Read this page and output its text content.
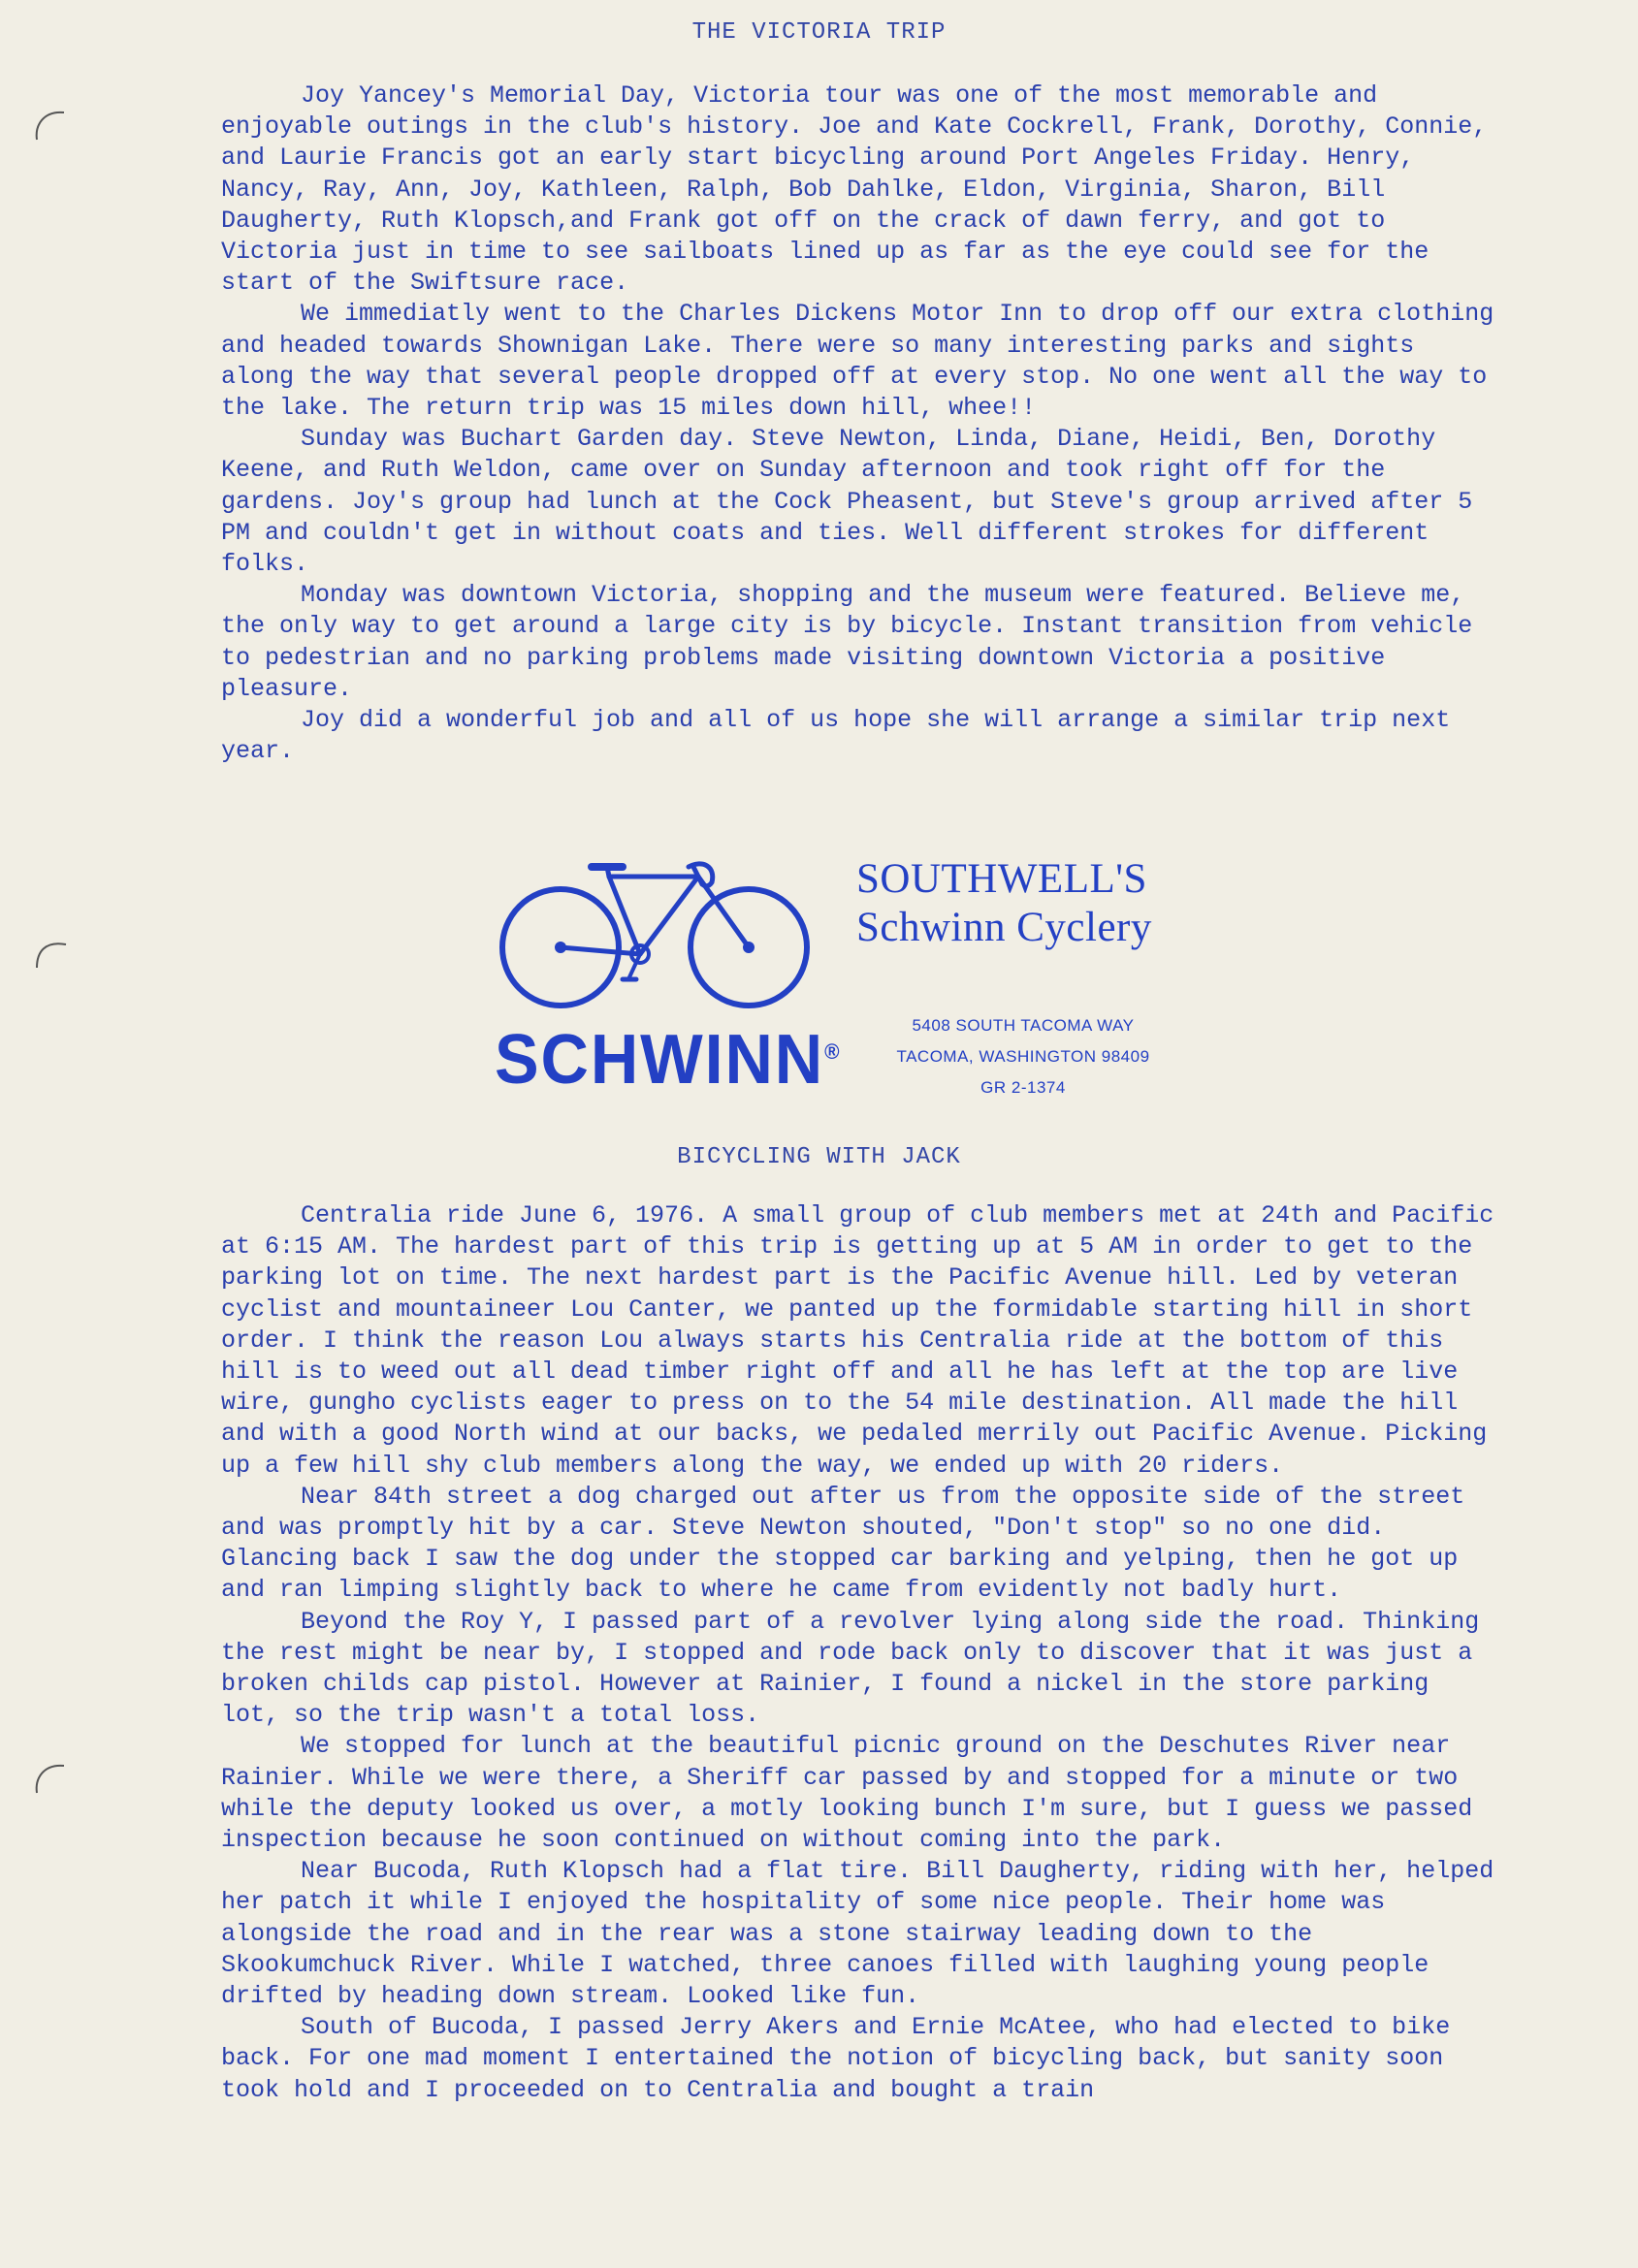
THE VICTORIA TRIP

Joy Yancey's Memorial Day, Victoria tour was one of the most memorable and enjoyable outings in the club's history. Joe and Kate Cockrell, Frank, Dorothy, Connie, and Laurie Francis got an early start bicycling around Port Angeles Friday. Henry, Nancy, Ray, Ann, Joy, Kathleen, Ralph, Bob Dahlke, Eldon, Virginia, Sharon, Bill Daugherty, Ruth Klopsch,and Frank got off on the crack of dawn ferry, and got to Victoria just in time to see sailboats lined up as far as the eye could see for the start of the Swiftsure race.

We immediatly went to the Charles Dickens Motor Inn to drop off our extra clothing and headed towards Shownigan Lake. There were so many interesting parks and sights along the way that several people dropped off at every stop. No one went all the way to the lake. The return trip was 15 miles down hill, whee!!

Sunday was Buchart Garden day. Steve Newton, Linda, Diane, Heidi, Ben, Dorothy Keene, and Ruth Weldon, came over on Sunday afternoon and took right off for the gardens. Joy's group had lunch at the Cock Pheasent, but Steve's group arrived after 5 PM and couldn't get in without coats and ties. Well different strokes for different folks.

Monday was downtown Victoria, shopping and the museum were featured. Believe me, the only way to get around a large city is by bicycle. Instant transition from vehicle to pedestrian and no parking problems made visiting downtown Victoria a positive pleasure.

Joy did a wonderful job and all of us hope she will arrange a similar trip next year.

SOUTHWELL'S
Schwinn Cyclery
SCHWINN®
5408 SOUTH TACOMA WAY
TACOMA, WASHINGTON 98409
GR 2-1374
BICYCLING WITH JACK

Centralia ride June 6, 1976. A small group of club members met at 24th and Pacific at 6:15 AM. The hardest part of this trip is getting up at 5 AM in order to get to the parking lot on time. The next hardest part is the Pacific Avenue hill. Led by veteran cyclist and mountaineer Lou Canter, we panted up the formidable starting hill in short order. I think the reason Lou always starts his Centralia ride at the bottom of this hill is to weed out all dead timber right off and all he has left at the top are live wire, gungho cyclists eager to press on to the 54 mile destination. All made the hill and with a good North wind at our backs, we pedaled merrily out Pacific Avenue. Picking up a few hill shy club members along the way, we ended up with 20 riders.

Near 84th street a dog charged out after us from the opposite side of the street and was promptly hit by a car. Steve Newton shouted, "Don't stop" so no one did. Glancing back I saw the dog under the stopped car barking and yelping, then he got up and ran limping slightly back to where he came from evidently not badly hurt.

Beyond the Roy Y, I passed part of a revolver lying along side the road. Thinking the rest might be near by, I stopped and rode back only to discover that it was just a broken childs cap pistol. However at Rainier, I found a nickel in the store parking lot, so the trip wasn't a total loss.

We stopped for lunch at the beautiful picnic ground on the Deschutes River near Rainier. While we were there, a Sheriff car passed by and stopped for a minute or two while the deputy looked us over, a motly looking bunch I'm sure, but I guess we passed inspection because he soon continued on without coming into the park.

Near Bucoda, Ruth Klopsch had a flat tire. Bill Daugherty, riding with her, helped her patch it while I enjoyed the hospitality of some nice people. Their home was alongside the road and in the rear was a stone stairway leading down to the Skookumchuck River. While I watched, three canoes filled with laughing young people drifted by heading down stream. Looked like fun.

South of Bucoda, I passed Jerry Akers and Ernie McAtee, who had elected to bike back. For one mad moment I entertained the notion of bicycling back, but sanity soon took hold and I proceeded on to Centralia and bought a train
